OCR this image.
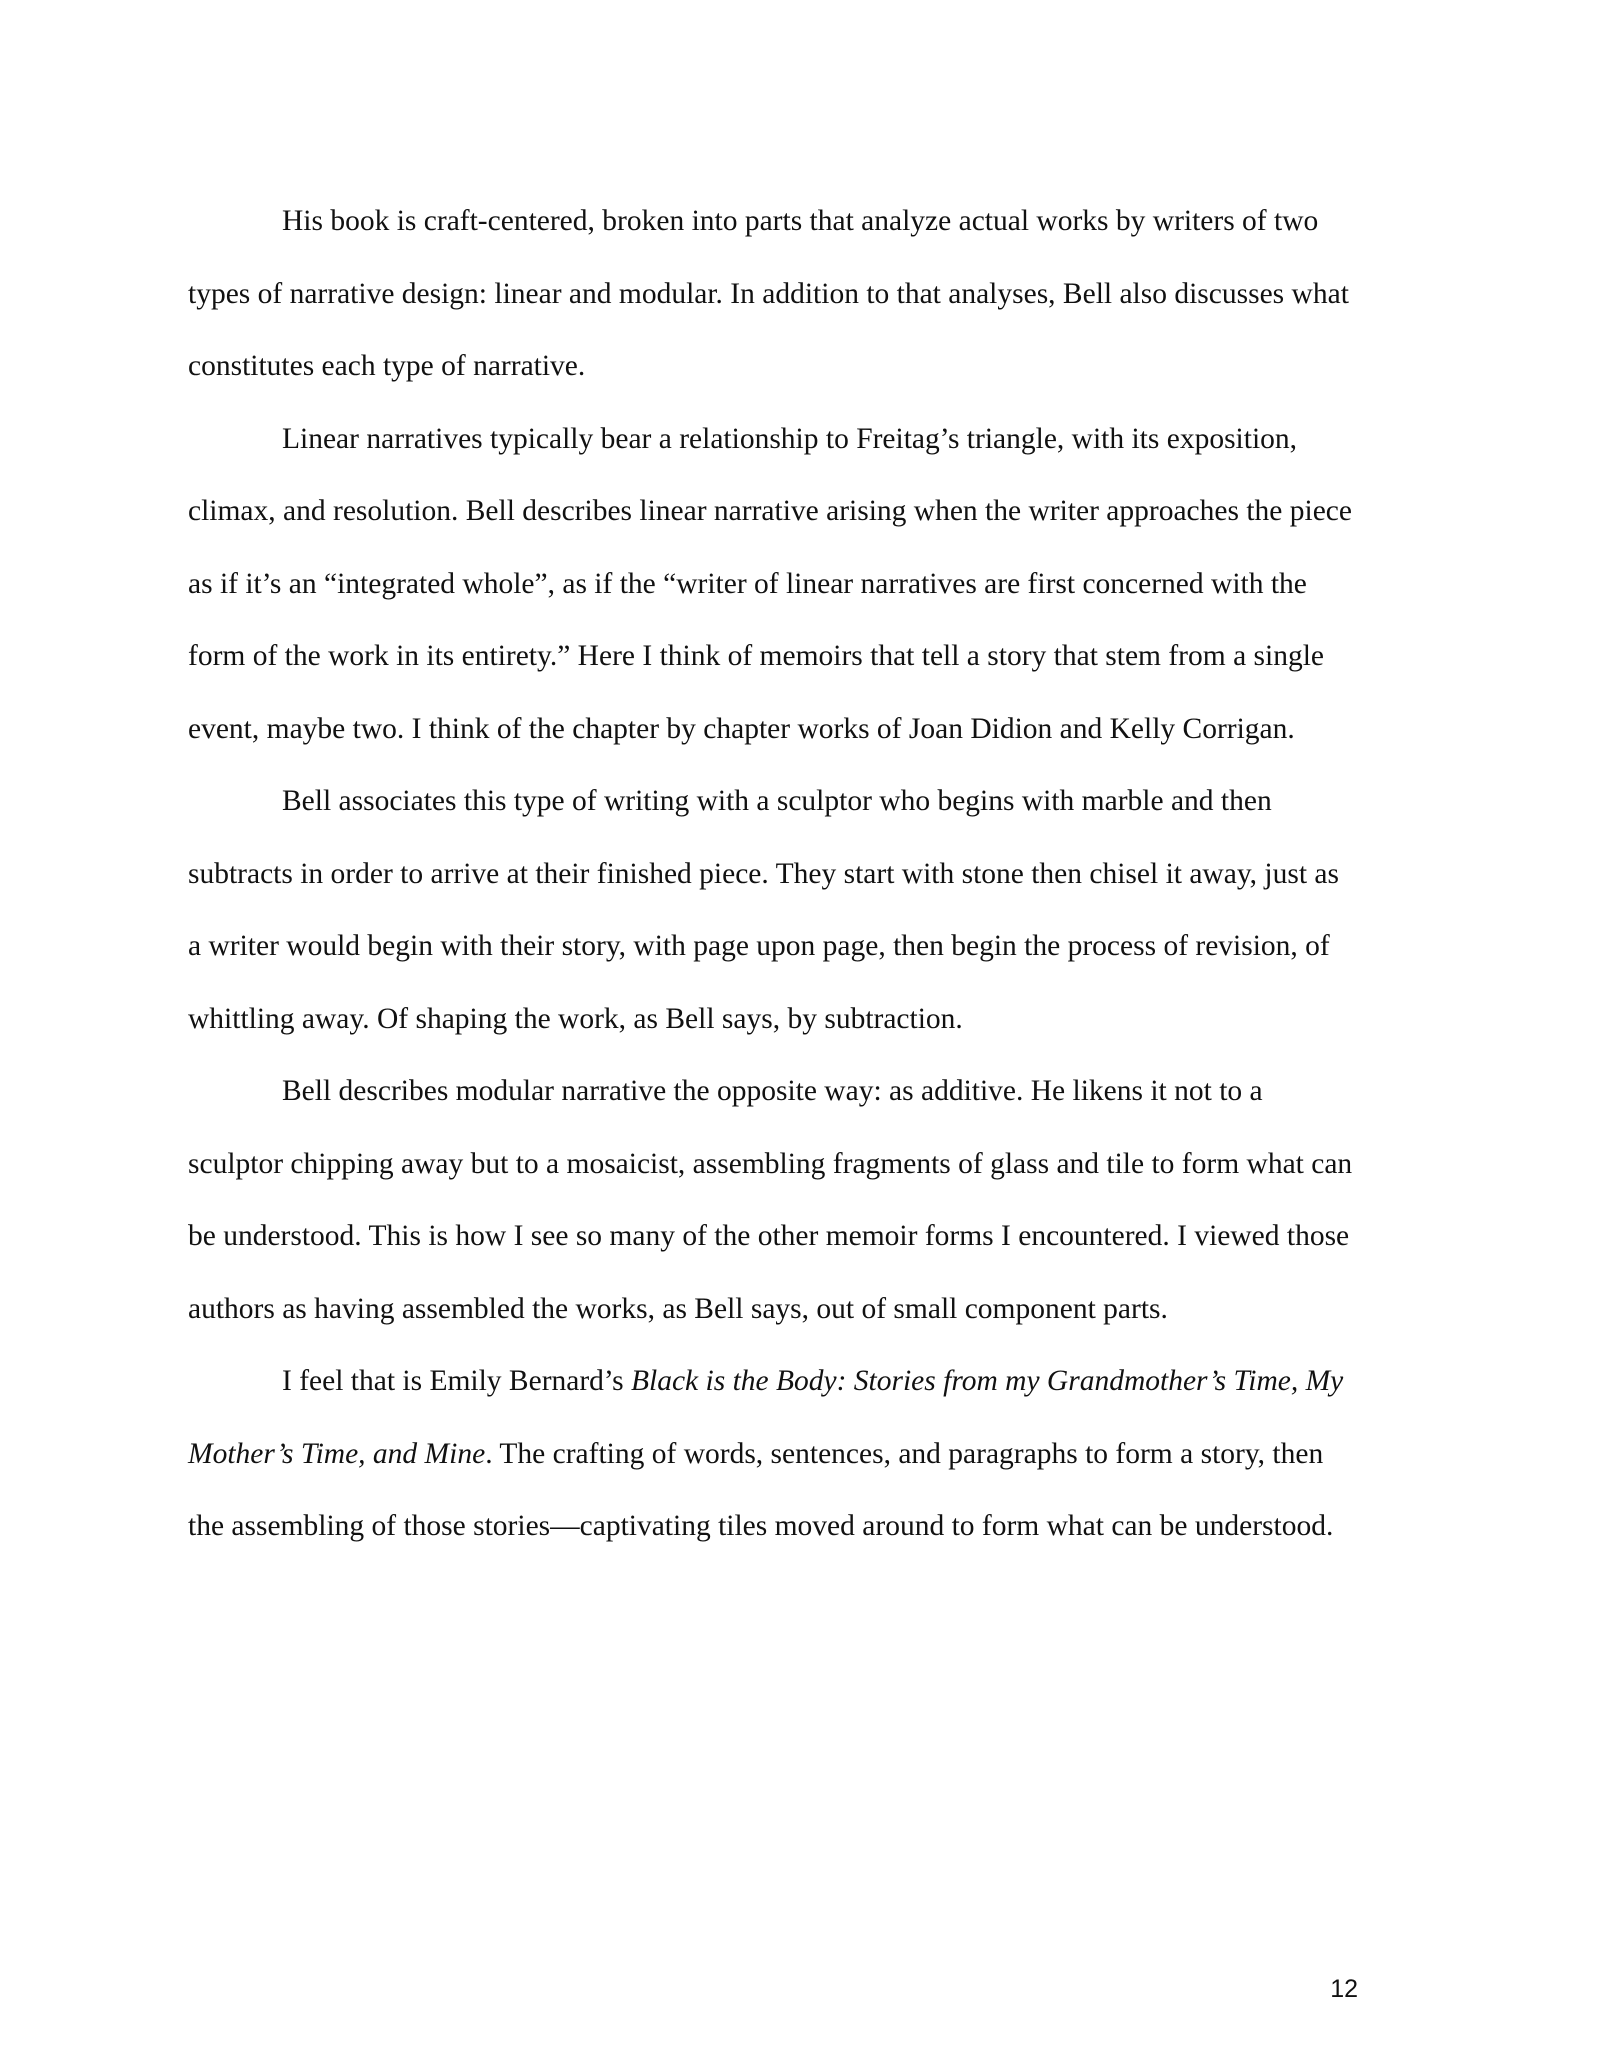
His book is craft-centered, broken into parts that analyze actual works by writers of two types of narrative design: linear and modular. In addition to that analyses, Bell also discusses what constitutes each type of narrative.

Linear narratives typically bear a relationship to Freitag’s triangle, with its exposition, climax, and resolution. Bell describes linear narrative arising when the writer approaches the piece as if it’s an “integrated whole”, as if the “writer of linear narratives are first concerned with the form of the work in its entirety.” Here I think of memoirs that tell a story that stem from a single event, maybe two. I think of the chapter by chapter works of Joan Didion and Kelly Corrigan.

Bell associates this type of writing with a sculptor who begins with marble and then subtracts in order to arrive at their finished piece. They start with stone then chisel it away, just as a writer would begin with their story, with page upon page, then begin the process of revision, of whittling away. Of shaping the work, as Bell says, by subtraction.

Bell describes modular narrative the opposite way: as additive. He likens it not to a sculptor chipping away but to a mosaicist, assembling fragments of glass and tile to form what can be understood. This is how I see so many of the other memoir forms I encountered. I viewed those authors as having assembled the works, as Bell says, out of small component parts.

I feel that is Emily Bernard’s Black is the Body: Stories from my Grandmother’s Time, My Mother’s Time, and Mine. The crafting of words, sentences, and paragraphs to form a story, then the assembling of those stories—captivating tiles moved around to form what can be understood.

12
